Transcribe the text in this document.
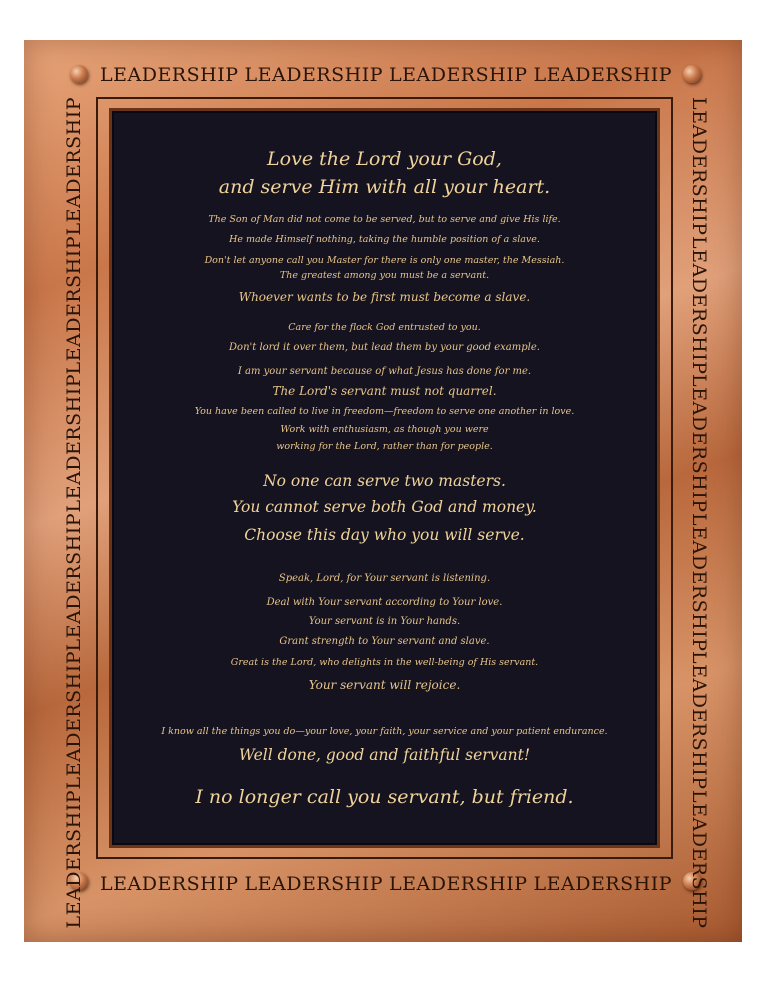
LEADERSHIP LEADERSHIP LEADERSHIP LEADERSHIP
LEADERSHIP LEADERSHIP LEADERSHIP LEADERSHIP
LEADERSHIP
LEADERSHIP
LEADERSHIP
LEADERSHIP
LEADERSHIP
LEADERSHIP
LEADERSHIP
LEADERSHIP
LEADERSHIP
LEADERSHIP
LEADERSHIP
LEADERSHIP
Love the Lord your God,
and serve Him with all your heart.
The Son of Man did not come to be served, but to serve and give His life.
He made Himself nothing, taking the humble position of a slave.
Don't let anyone call you Master for there is only one master, the Messiah.
The greatest among you must be a servant.
Whoever wants to be first must become a slave.
Care for the flock God entrusted to you.
Don't lord it over them, but lead them by your good example.
I am your servant because of what Jesus has done for me.
The Lord's servant must not quarrel.
You have been called to live in freedom—freedom to serve one another in love.
Work with enthusiasm, as though you were
working for the Lord, rather than for people.
No one can serve two masters.
You cannot serve both God and money.
Choose this day who you will serve.
Speak, Lord, for Your servant is listening.
Deal with Your servant according to Your love.
Your servant is in Your hands.
Grant strength to Your servant and slave.
Great is the Lord, who delights in the well-being of His servant.
Your servant will rejoice.
I know all the things you do—your love, your faith, your service and your patient endurance.
Well done, good and faithful servant!
I no longer call you servant, but friend.
